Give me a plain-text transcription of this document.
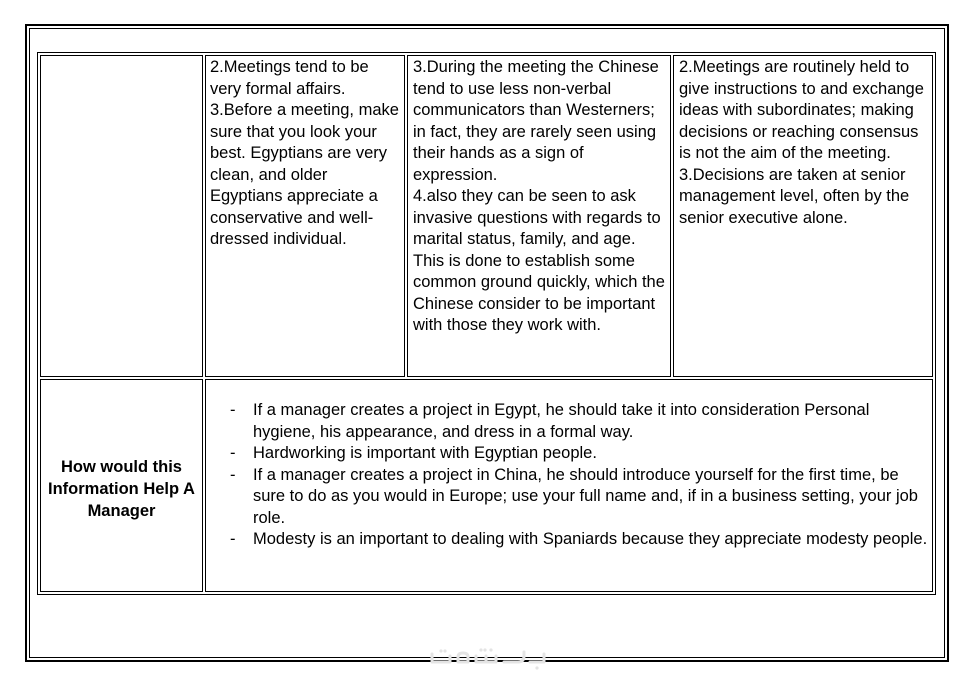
2.Meetings tend to be very formal affairs.

3.Before a meeting, make sure that you look your best. Egyptians are very clean, and older Egyptians appreciate a conservative and well-dressed individual.

3.During the meeting the Chinese tend to use less non-verbal communicators than Westerners; in fact, they are rarely seen using their hands as a sign of expression.

4.also they can be seen to ask invasive questions with regards to marital status, family, and age. This is done to establish some common ground quickly, which the Chinese consider to be important with those they work with.

2.Meetings are routinely held to give instructions to and exchange ideas with subordinates; making decisions or reaching consensus is not the aim of the meeting.

3.Decisions are taken at senior management level, often by the senior executive alone.

How would this Information Help A Manager
- If a manager creates a project in Egypt, he should take it into consideration Personal hygiene, his appearance, and dress in a formal way.
- Hardworking is important with Egyptian people.
- If a manager creates a project in China, he should introduce yourself for the first time, be sure to do as you would in Europe; use your full name and, if in a business setting, your job role.
- Modesty is an important to dealing with Spaniards because they appreciate modesty people.
